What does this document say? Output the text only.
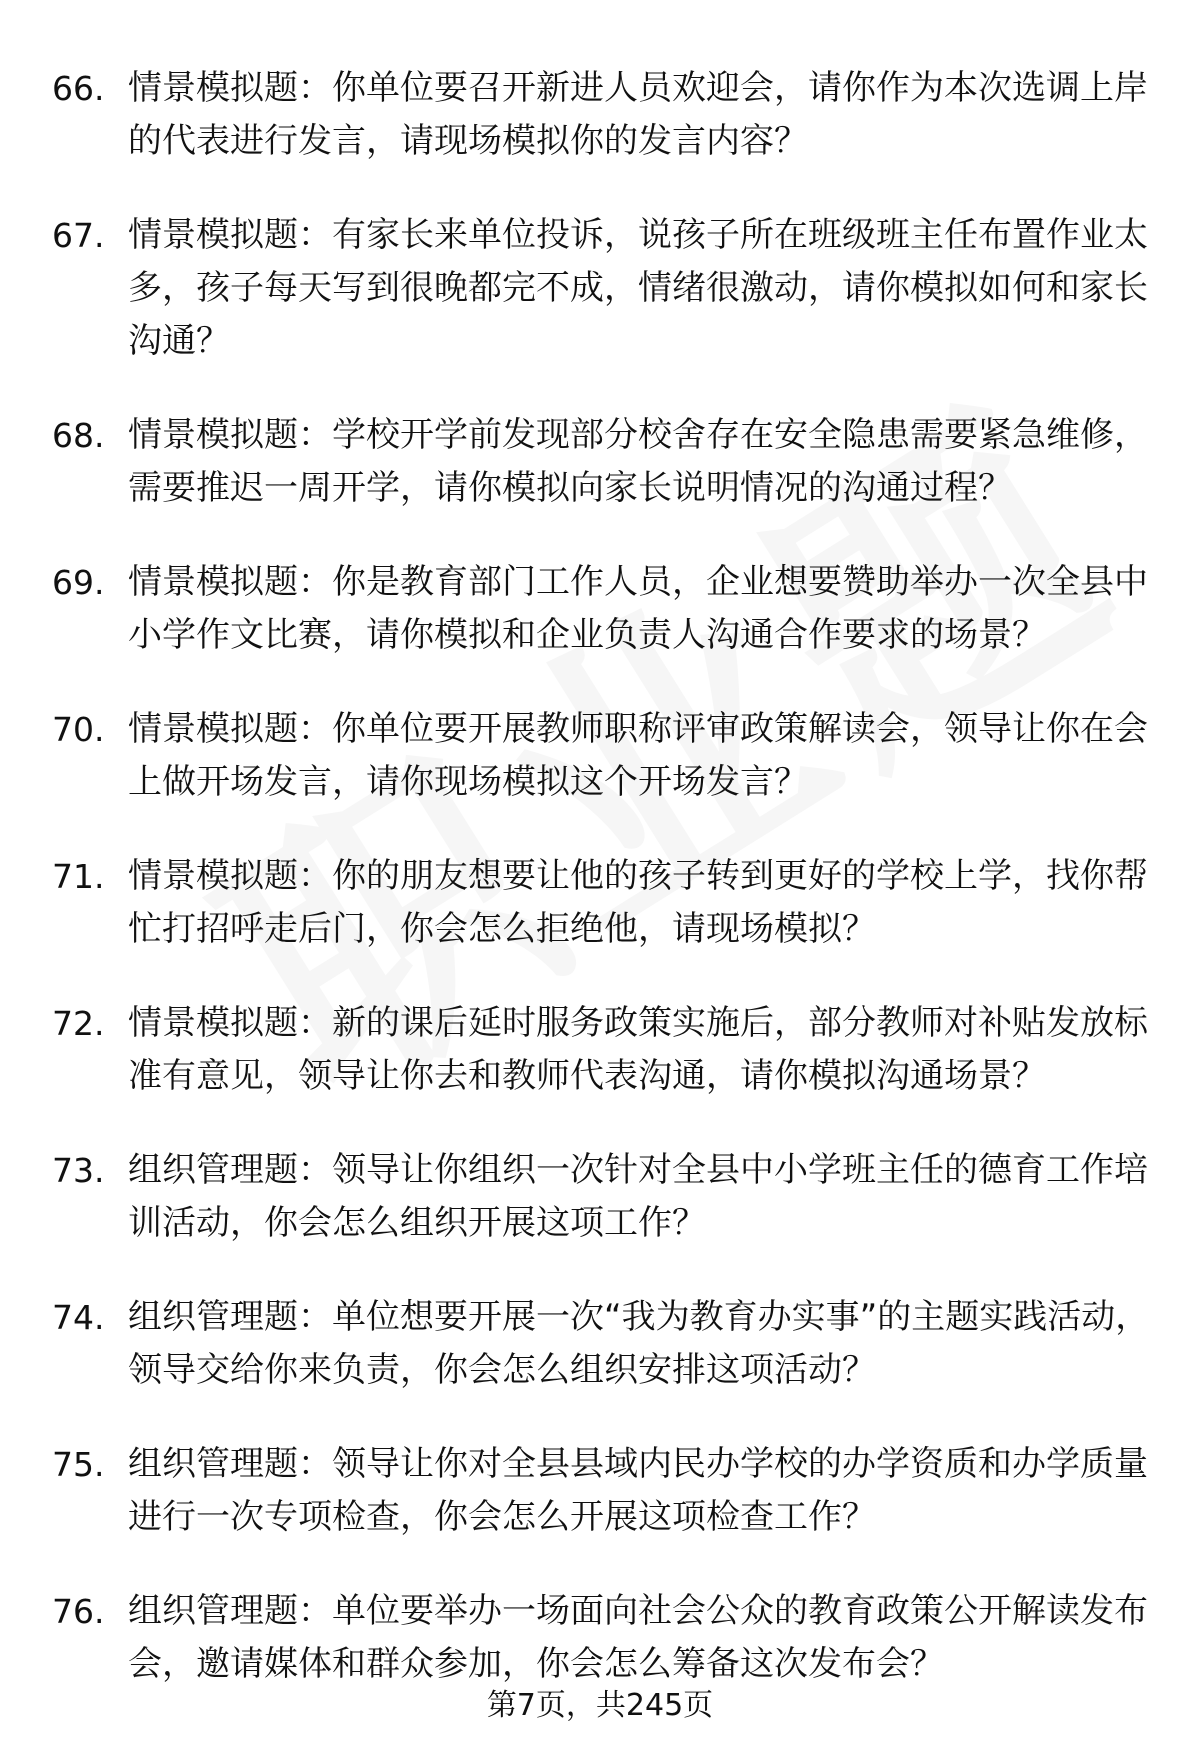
66. 情景模拟题：你单位要召开新进人员欢迎会，请你作为本次选调上岸的代表进行发言，请现场模拟你的发言内容？
67. 情景模拟题：有家长来单位投诉，说孩子所在班级班主任布置作业太多，孩子每天写到很晚都完不成，情绪很激动，请你模拟如何和家长沟通？
68. 情景模拟题：学校开学前发现部分校舍存在安全隐患需要紧急维修，需要推迟一周开学，请你模拟向家长说明情况的沟通过程？
69. 情景模拟题：你是教育部门工作人员，企业想要赞助举办一次全县中小学作文比赛，请你模拟和企业负责人沟通合作要求的场景？
70. 情景模拟题：你单位要开展教师职称评审政策解读会，领导让你在会上做开场发言，请你现场模拟这个开场发言？
71. 情景模拟题：你的朋友想要让他的孩子转到更好的学校上学，找你帮忙打招呼走后门，你会怎么拒绝他，请现场模拟？
72. 情景模拟题：新的课后延时服务政策实施后，部分教师对补贴发放标准有意见，领导让你去和教师代表沟通，请你模拟沟通场景？
73. 组织管理题：领导让你组织一次针对全县中小学班主任的德育工作培训活动，你会怎么组织开展这项工作？
74. 组织管理题：单位想要开展一次“我为教育办实事”的主题实践活动，领导交给你来负责，你会怎么组织安排这项活动？
75. 组织管理题：领导让你对全县县域内民办学校的办学资质和办学质量进行一次专项检查，你会怎么开展这项检查工作？
76. 组织管理题：单位要举办一场面向社会公众的教育政策公开解读发布会，邀请媒体和群众参加，你会怎么筹备这次发布会？
第7页，共245页
